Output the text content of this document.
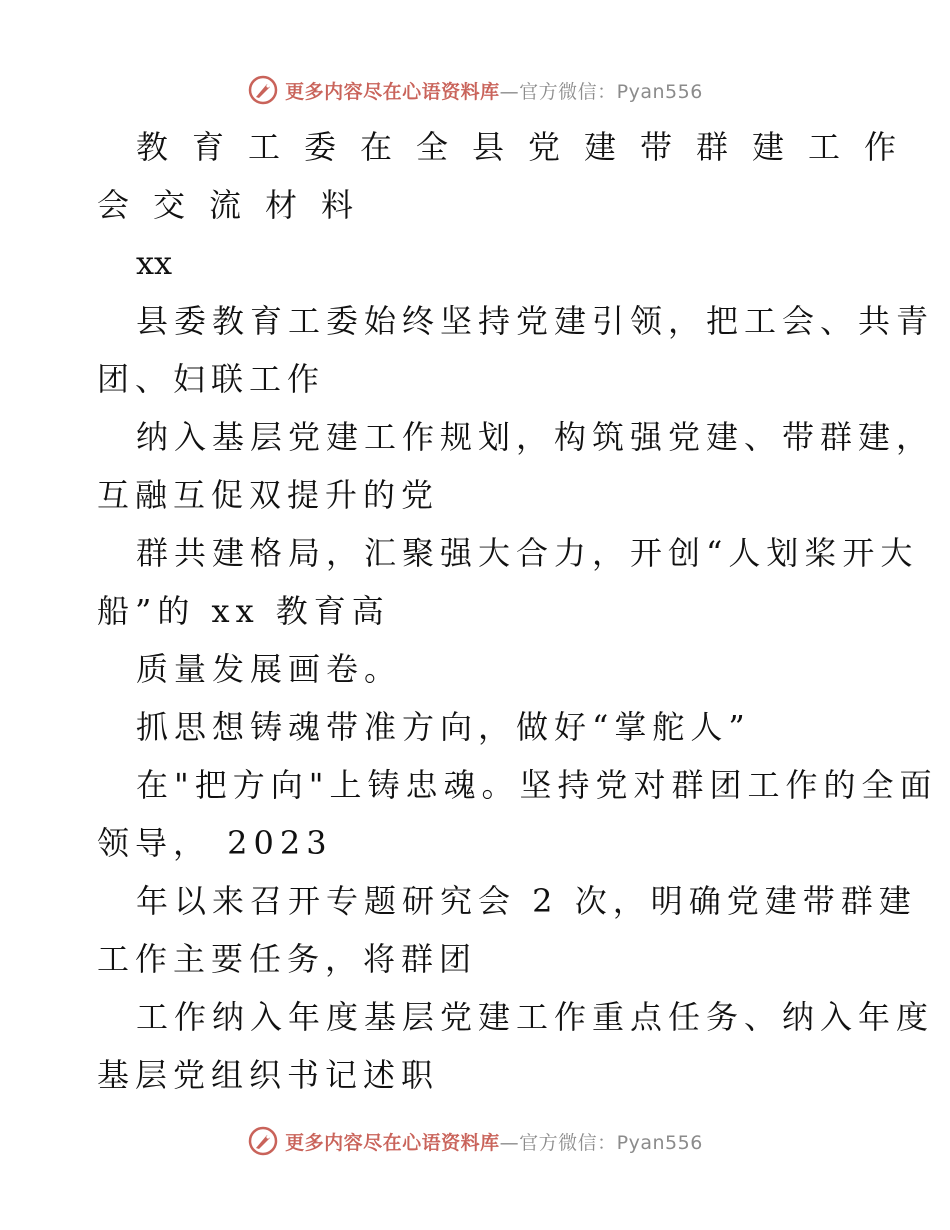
更多内容尽在心语资料库—官方微信：Pyan556
教育工委在全县党建带群建工作
会交流材料
xx
县委教育工委始终坚持党建引领，把工会、共青
团、妇联工作
纳入基层党建工作规划，构筑强党建、带群建，
互融互促双提升的党
群共建格局，汇聚强大合力，开创“人划桨开大
船”的 xx 教育高
质量发展画卷。
抓思想铸魂带准方向，做好“掌舵人”
在"把方向"上铸忠魂。坚持党对群团工作的全面
领导， 2023
年以来召开专题研究会 2 次，明确党建带群建
工作主要任务，将群团
工作纳入年度基层党建工作重点任务、纳入年度
基层党组织书记述职
更多内容尽在心语资料库—官方微信：Pyan556
